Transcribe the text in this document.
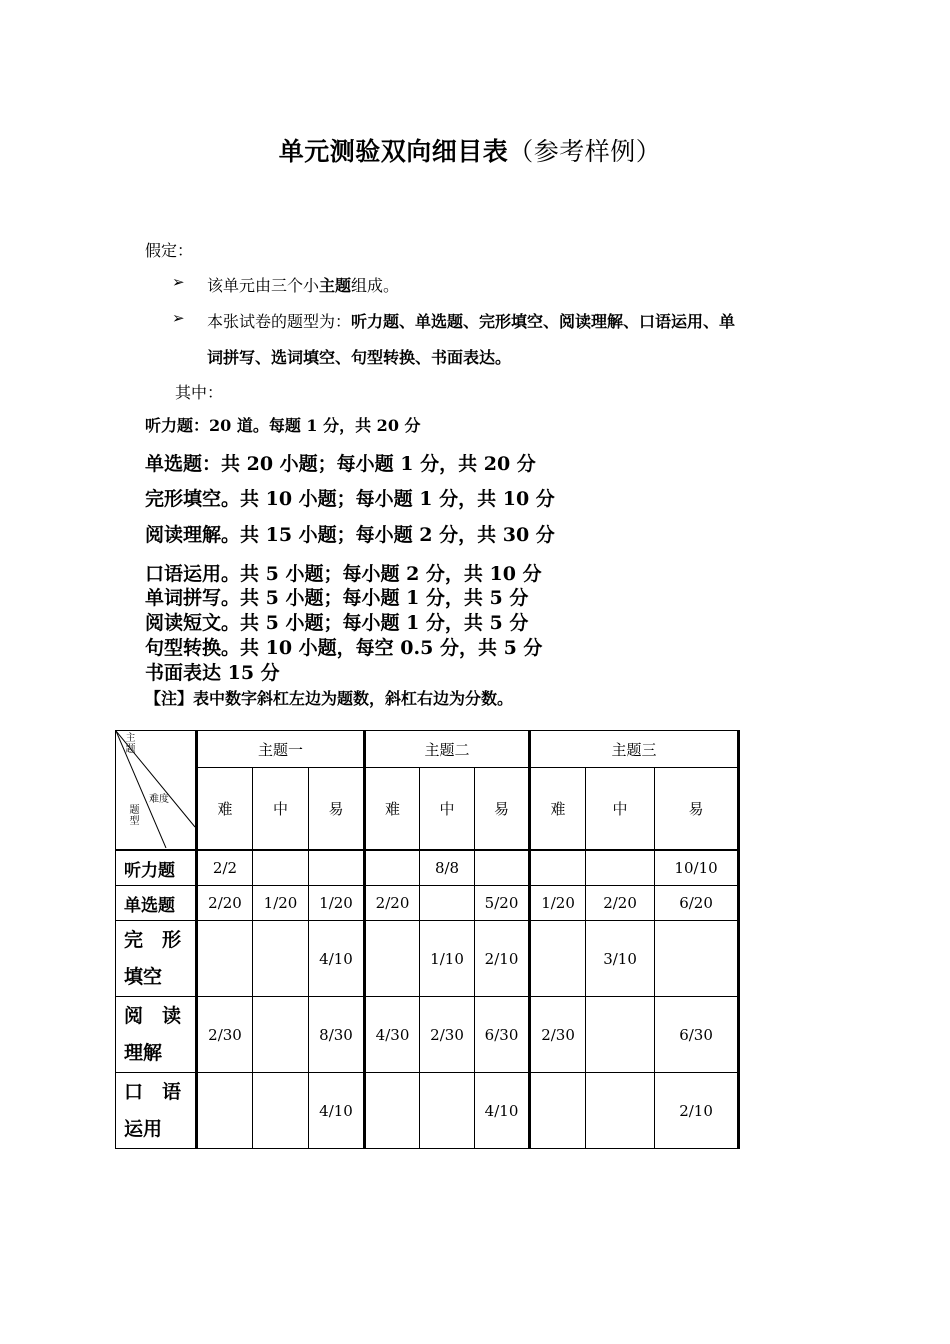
单元测验双向细目表（参考样例）
假定：
➢ 该单元由三个小主题组成。
➢ 本张试卷的题型为：听力题、单选题、完形填空、阅读理解、口语运用、单
词拼写、选词填空、句型转换、书面表达。
其中：
听力题：20 道。每题 1 分，共 20 分
单选题：共 20 小题；每小题 1 分，共 20 分
完形填空。共 10 小题；每小题 1 分，共 10 分
阅读理解。共 15 小题；每小题 2 分，共 30 分
口语运用。共 5 小题；每小题 2 分，共 10 分
单词拼写。共 5 小题；每小题 1 分，共 5 分
阅读短文。共 5 小题；每小题 1 分，共 5 分
句型转换。共 10 小题，每空 0.5 分，共 5 分
书面表达 15 分
【注】表中数字斜杠左边为题数，斜杠右边为分数。
主题
难度
题型	主题一			主题二			主题三		
	难	中	易	难	中	易	难	中	易
听力题	2/2				8/8				10/10
单选题	2/20	1/20	1/20	2/20		5/20	1/20	2/20	6/20

完　形
填空			4/10		1/10	2/10		3/10	

阅　读
理解	2/30		8/30	4/30	2/30	6/30	2/30		6/30

口　语
运用			4/10			4/10			2/10
